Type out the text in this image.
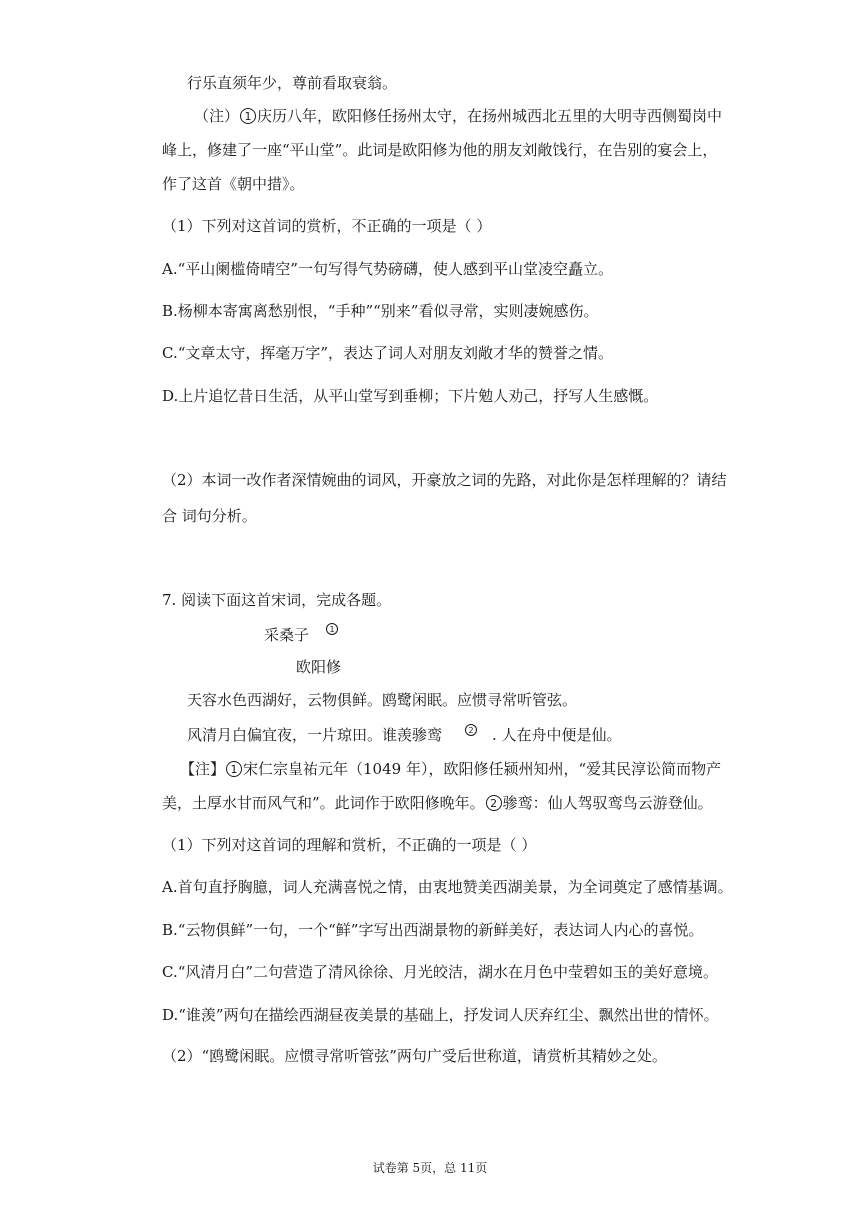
行乐直须年少，尊前看取衰翁。
（注） 1 庆历八年，欧阳修任扬州太守，在扬州城西北五里的大明寺西侧蜀岗中
峰上，修建了一座“平山堂”。此词是欧阳修为他的朋友刘敞饯行，在告别的宴会上，
作了这首《朝中措》。
（1）下列对这首词的赏析，不正确的一项是（ ）
A.“平山阑槛倚晴空”一句写得气势磅礴，使人感到平山堂凌空矗立。
B.杨柳本寄寓离愁别恨，“手种”“别来”看似寻常，实则凄婉感伤。
C.“文章太守，挥毫万字”，表达了词人对朋友刘敞才华的赞誉之情。
D.上片追忆昔日生活，从平山堂写到垂柳；下片勉人劝己，抒写人生感慨。
（2）本词一改作者深情婉曲的词风，开豪放之词的先路，对此你是怎样理解的？请结
合 词句分析。
7. 阅读下面这首宋词，完成各题。
采桑子	1
欧阳修
天容水色西湖好，云物俱鲜。鸥鹭闲眠。应惯寻常听管弦。
风清月白偏宜夜，一片琼田。谁羡骖鸾	2 . 人在舟中便是仙。
【注】 1 宋仁宗皇祐元年（1049 年），欧阳修任颍州知州，“爱其民淳讼简而物产
美，土厚水甘而风气和”。此词作于欧阳修晚年。 2 骖鸾：仙人驾驭鸾鸟云游登仙。
（1）下列对这首词的理解和赏析，不正确的一项是（ ）
A.首句直抒胸臆，词人充满喜悦之情，由衷地赞美西湖美景，为全词奠定了感情基调。
B.“云物俱鲜”一句，一个“鲜”字写出西湖景物的新鲜美好，表达词人内心的喜悦。
C.“风清月白”二句营造了清风徐徐、月光皎洁，湖水在月色中莹碧如玉的美好意境。
D.“谁羡”两句在描绘西湖昼夜美景的基础上，抒发词人厌弃红尘、飘然出世的情怀。
（2）“鸥鹭闲眠。应惯寻常听管弦”两句广受后世称道，请赏析其精妙之处。
试卷第 5页，总 11页
